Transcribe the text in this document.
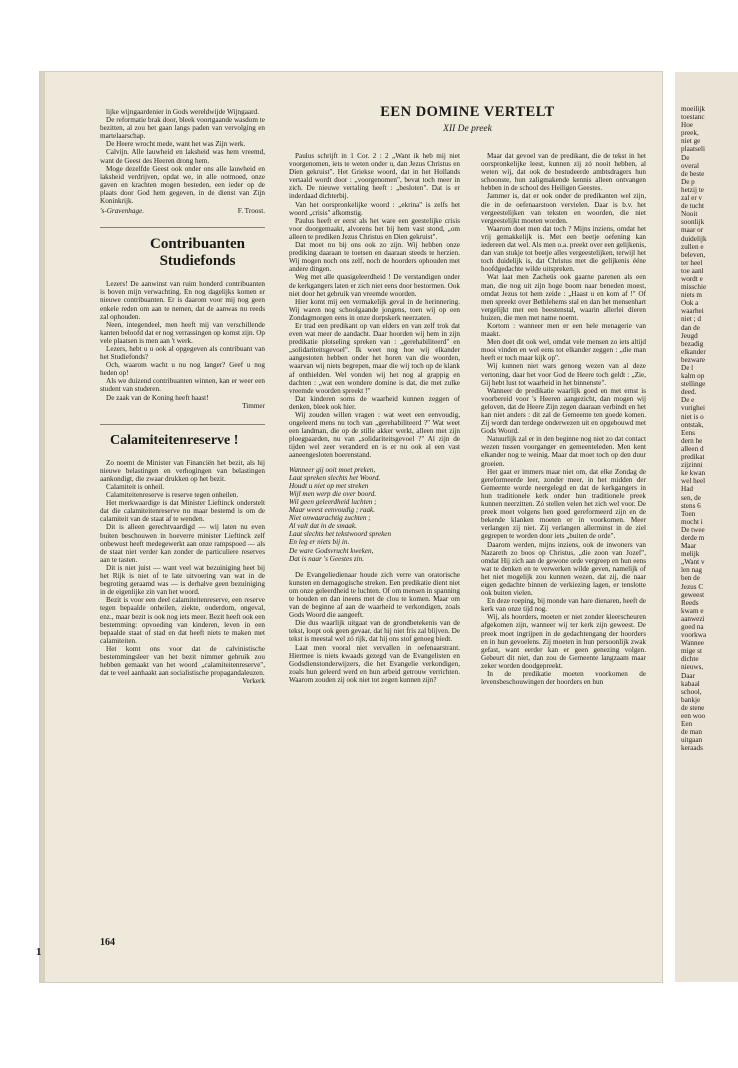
lijke wijngaardenier in Gods wereldwijde Wijngaard.

De reformatie brak door, bleek voortgaande wasdom te bezitten, al zou het gaan langs paden van vervolging en martelaarschap.

De Heere wrocht mede, want het was Zijn werk.

Calvijn. Alle lauwheid en laksheid was hem vreemd, want de Geest des Heeren drong hem.

Moge dezelfde Geest ook onder ons alle lauwheid en laksheid verdrijven, opdat we, in alle ootmoed, onze gaven en krachten mogen besteden, een ieder op de plaats door God hem gegeven, in de dienst van Zijn Koninkrijk.

's-Gravenhage.	F. Troost.
Contribuanten
Studiefonds

Lezers! De aanwinst van ruim honderd contribuanten is boven mijn verwachting. En nog dagelijks komen er nieuwe contribuanten. Er is daarom voor mij nog geen enkele reden om aan te nemen, dat de aanwas nu reeds zal ophouden.

Neen, integendeel, men heeft mij van verschillende kanten beloofd dat er nog verrassingen op komst zijn. Op vele plaatsen is men aan 't werk.

Lezers, hebt u u ook al opgegeven als contribuant van het Studiefonds?

Och, waarom wacht u nu nog langer? Geef u nog heden op!

Als we duizend contribuanten winnen, kan er weer een student van studeren.

De zaak van de Koning heeft haast!

Timmer
Calamiteitenreserve !

Zo noemt de Minister van Financiën het bezit, als hij nieuwe belastingen en verhogingen van belastingen aankondigt, die zwaar drukken op het bezit.

Calamiteit is onheil.

Calamiteitenreserve is reserve tegen onheilen.

Het merkwaardige is dat Minister Lieftinck onderstelt dat die calamiteitenreserve nu maar bestemd is om de calamiteit van de staat af te wenden.

Dit is alleen gerechtvaardigd — wij laten nu even buiten beschouwen in hoeverre minister Lieftinck zelf onbewust heeft medegewerkt aan onze rampspoed — als de staat niet verder kan zonder de particuliere reserves aan te tasten.

Dit is niet juist — want veel wat bezuiniging heet bij het Rijk is niet of te late uitvoering van wat in de begroting geraamd was — is derhalve geen bezuiniging in de eigenlijke zin van het woord.

Bezit is voor een deel calamiteitenreserve, een reserve tegen bepaalde onheilen, ziekte, ouderdom, ongeval, enz., maar bezit is ook nog iets meer. Bezit heeft ook een bestemming: opvoeding van kinderen, leven in een bepaalde staat of stad en dat heeft niets te maken met calamiteiten.

Het komt ons voor dat de calvinistische bestemmingsleer van het bezit nimmer gebruik zou hebben gemaakt van het woord „calamiteitenreserve", dat te veel aanhaakt aan socialistische propagandaleuzen.

Verkerk
EEN DOMINE VERTELT
XII De preek

Paulus schrijft in 1 Cor. 2 : 2 „Want ik heb mij niet voorgenomen, iets te weten onder u, dan Jezus Christus en Dien gekruist". Het Griekse woord, dat in het Hollands vertaald wordt door : „voorgenomen", bevat toch meer in zich. De nieuwe vertaling heeft : „besloten". Dat is er inderdaad dichterbij.

Van het oorspronkelijke woord : „ekrina" is zelfs het woord „crisis" afkomstig.

Paulus heeft er eerst als het ware een geestelijke crisis voor doorgemaakt, alvorens het bij hem vast stond, „om alleen te prediken Jezus Christus en Dien gekruist".

Dat moet nu bij ons ook zo zijn. Wij hebben onze prediking daaraan te toetsen en daaraan steeds te herzien. Wij mogen noch ons zelf, noch de hoorders ophouden met andere dingen.

Weg met alle quasigeleerdheid ! De verstandigen onder de kerkgangers laten er zich niet eens door bestormen. Ook niet door het gebruik van vreemde woorden.

Hier komt mij een vermakelijk geval in de herinnering. Wij waren nog schoolgaande jongens, toen wij op een Zondagmorgen eens in onze dorpskerk neerzaten.

Er trad een predikant op van elders en van zelf trok dat even wat meer de aandacht. Daar hoorden wij hem in zijn predikatie plotseling spreken van : „gerehabiliteerd" en „solidariteitsgevoel". Ik weet nog hoe wij elkander aangestoten hebben onder het horen van die woorden, waarvan wij niets begrepen, maar die wij toch op de klank af onthielden. Wel vonden wij het nog al grappig en dachten : „wat een wondere domine is dat, die met zulke vreemde woorden spreekt !"

Dat kinderen soms de waarheid kunnen zeggen of denken, bleek ook hier.

Wij zouden willen vragen : wat weet een eenvoudig, ongeleerd mens nu toch van „gerehabiliteerd ?" Wat weet een landman, die op de stille akker werkt, alleen met zijn ploegpaarden, nu van „solidariteitsgevoel ?" Al zijn de tijden wel zeer veranderd en is er nu ook al een vast aaneengesloten boerenstand.

Wanneer gij ooit moet preken,
Laat spreken slechts het Woord.
Houdt u niet op met streken
Wijl men werp die over boord.
Wil geen geleerdheid luchten ;
Maar weest eenvoudig ; raak.
Niet onwaarachtig zuchten ;
Al valt dat in de smaak.
Laat slechts het tekstwoord spreken
En leg er niets bij in.
De ware Godsvrucht kweken,
Dat is naar 's Geestes zin.

De Evangeliedienaar houde zich verre van oratorische kunsten en demagogische streken. Een predikatie dient niet om onze geleerdheid te luchten. Of om mensen in spanning te houden en dan ineens met de clou te komen. Maar om van de beginne af aan de waarheid te verkondigen, zoals Gods Woord die aangeeft.

Die dus waarlijk uitgaat van de grondbetekenis van de tekst, loopt ook geen gevaar, dat hij niet fris zal blijven. De tekst is meestal wel zó rijk, dat hij ons stof genoeg biedt.

Laat men vooral niet vervallen in oefenaarstrant. Hiermee is niets kwaads gezegd van de Evangelisten en Godsdienstonderwijzers, die het Evangelie verkondigen, zoals hun geleerd werd en hun arbeid getrouw verrichten. Waarom zouden zij ook niet tot zegen kunnen zijn?

Maar dat gevoel van de predikant, die de tekst in het oorspronkelijke leest, kunnen zij zó nooit hebben, al weten wij, dat ook de bestudeerde ambtsdragers hun schoonste, hun zaligmakende kennis alleen ontvangen hebben in de school des Heiligen Geestes.

Jammer is, dat er ook onder de predikanten wel zijn, die in de oefenaarstoon vervielen. Daar is b.v. het vergeestelijken van teksten en woorden, die niet vergeestelijkt moeten worden.

Waarom doet men dat toch ? Mijns inziens, omdat het vrij gemakkelijk is. Met een beetje oefening kan iedereen dat wel. Als men o.a. preekt over een gelijkenis, dan van stukje tot beetje alles vergeestelijken, terwijl het toch duidelijk is, dat Christus met die gelijkenis ééne hoofdgedachte wilde uitspreken.

Wat laat men Zacheüs ook gaarne parenen als een man, die nog uit zijn hoge boom naar beneden moest, omdat Jezus tot hem zeide : „Haast u en kom af !" Of men spreekt over Bethlehems stal en dan het mensenhart vergelijkt met een beestenstal, waarin allerlei dieren huizen, die men met name noemt.

Kortom : wanneer men er een hele menagerie van maakt.

Men doet dit ook wel, omdat vele mensen zo iets altijd mooi vinden en wel eens tot elkander zeggen : „die man heeft er toch maar kijk op".

Wij kunnen niet wars genoeg wezen van al deze vertoning, daar het voor God de Heere toch geldt : „Zie, Gij hebt lust tot waarheid in het binnenste".

Wanneer de predikatie waarlijk goed en met ernst is voorbereid voor 's Heeren aangezicht, dan mogen wij geloven, dat de Heere Zijn zegen daaraan verbindt en het kan niet anders : dit zal de Gemeente ten goede komen. Zij wordt dan terdege onderwezen uit en opgebouwd met Gods Woord.

Natuurlijk zal er in den beginne nog niet zo dat contact wezen tussen voorganger en gemeenteleden. Men kent elkander nog te weinig. Maar dat moet toch op den duur groeien.

Het gaat er immers maar niet om, dat elke Zondag de gereformeerde leer, zonder meer, in het midden der Gemeente worde neergelegd en dat de kerkgangers in hun traditionele kerk onder hun traditionele preek kunnen neerzitten. Zó stellen velen het zich wel voor. De preek moet volgens hen goed gereformeerd zijn en de bekende klanken moeten er in voorkomen. Meer verlangen zij niet. Zij verlangen allerminst in de ziel gegrepen te worden door iets „buiten de orde".

Daarom werden, mijns inziens, ook de inwoners van Nazareth zo boos op Christus, „die zoon van Jozef", omdat Hij zich aan de gewone orde vergreep en hun eens wat te denken en te verwerken wilde geven, namelijk of het niet mogelijk zou kunnen wezen, dat zij, die naar eigen gedachte binnen de verkiezing lagen, er tenslotte ook buiten vielen.

En deze roeping, bij monde van hare dienaren, heeft de kerk van onze tijd nog.

Wij, als hoorders, moeten er niet zonder kleerscheuren afgekomen zijn, wanneer wij ter kerk zijn geweest. De preek moet ingrijpen in de gedachtengang der hoorders en in hun gevoelens. Zij moeten in hun persoonlijk zwak gefast, want eerder kan er geen genezing volgen. Gebeurt dit niet, dan zou de Gemeente langzaam maar zeker worden doodgepreekt.

In de predikatie moeten voorkomen de levensbeschouwingen der hoorders en hun

moeilijk

toestanc

Hoe

preek,

niet ge

plaatseli

De

overal

de beste

De p

hetzij te

zal er v

de tucht

Nooit

soonlijk

maar or

duidelijk

zullen e

beleven,

ter heel

toe aanl

wordt e

misschie

niets m

Ook a

waarhei

niet ; d

dan de

Jeugd

bezadig

elkander

bezware

De l

kalm op

stellinge

deed.

De e

vurighei

niet is o

ontstak,

Eens

dern he

alleen d

predikat

zijzinni

ke kwan

wel heel

Had

sen, de

stens 6

Toen

mocht i

De twee

derde m

Maar

melijk

„Want v

len nag

ben de

Jezus C

geweest

Reeds

kwam e

aanwezi

goed na

voorkwa

Wannee

mige st

dichte

nieuws,

Daar

kabaal

school,

bankje

de stene

een woo

Een

de man

uitgaan

keraads

164
1
